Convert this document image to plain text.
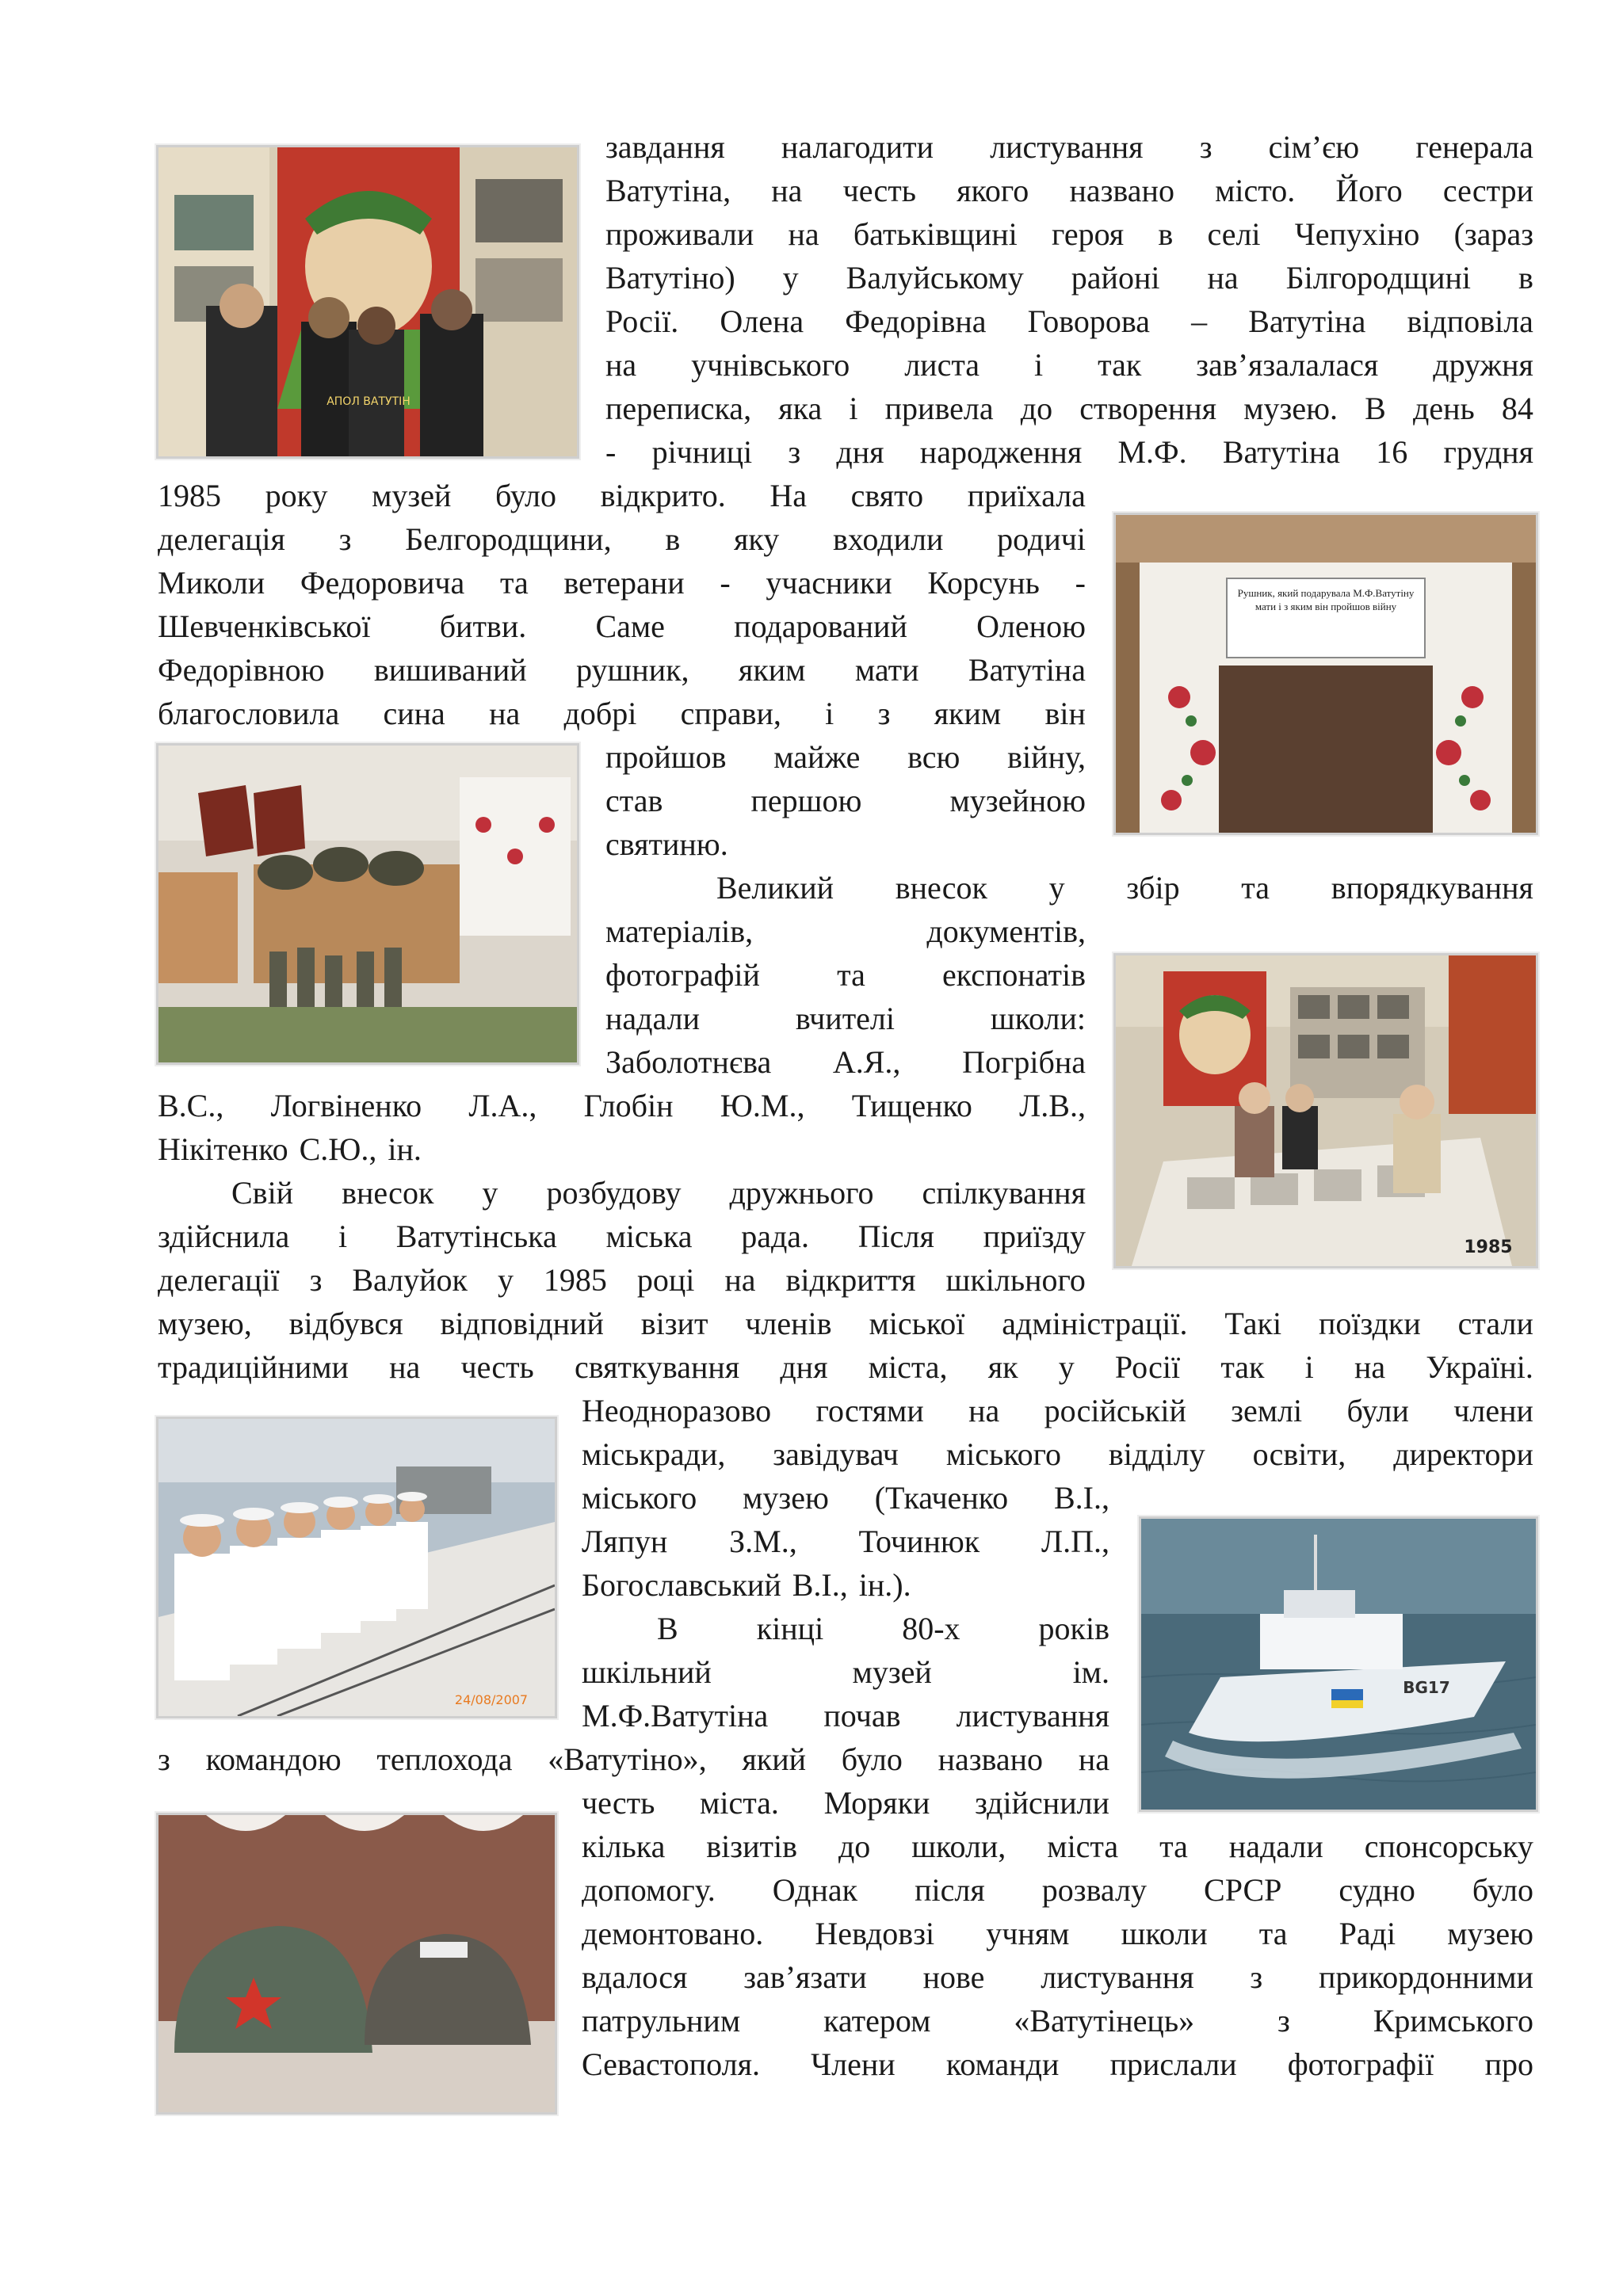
АПОЛ ВАТУТІН
Рушник, який подарувала М.Ф.Ватутіну мати і з яким він пройшов війну
1985
24/08/2007
BG17
завдання налагодити листування з сім’єю генерала
Ватутіна, на честь якого названо місто. Його сестри
проживали на батьківщині героя в селі Чепухіно (зараз
Ватутіно) у Валуйському районі на Білгородщині в
Росії. Олена Федорівна Говорова – Ватутіна відповіла
на учнівського листа і так зав’язалалася дружня
переписка, яка і привела до створення музею. В день 84
- річниці з дня народження М.Ф. Ватутіна 16 грудня
1985 року музей було відкрито. На свято приїхала
делегація з Белгородщини, в яку входили родичі
Миколи Федоровича та ветерани - учасники Корсунь -
Шевченківської битви. Саме подарований Оленою
Федорівною вишиваний рушник, яким мати Ватутіна
благословила сина на добрі справи, і з яким він
пройшов майже всю війну,
став	першою	музейною
святиню.
Великий внесок у збір та впорядкування
матеріалів,	документів,
фотографій та експонатів
надали	вчителі	школи:
Заболотнєва А.Я., Погрібна
В.С., Логвіненко Л.А., Глобін Ю.М., Тищенко Л.В.,
Нікітенко С.Ю., ін.
Свій внесок у розбудову дружнього спілкування
здійснила і Ватутінська міська рада. Після приїзду
делегації з Валуйок у 1985 році на відкриття шкільного
музею, відбувся відповідний візит членів міської адміністрації. Такі поїздки стали
традиційними на честь святкування дня міста, як у Росії так і на Україні.
Неодноразово гостями на російській землі були члени
міськради, завідувач міського відділу освіти, директори
міського музею (Ткаченко В.І.,
Ляпун З.М., Точинюк Л.П.,
Богославський В.І., ін.).
В кінці 80-х років
шкільний	музей	ім.
М.Ф.Ватутіна почав листування
з командою теплохода «Ватутіно», який було названо на
честь міста. Моряки здійснили
кілька візитів до школи, міста та надали спонсорську
допомогу. Однак після розвалу СРСР судно було
демонтовано. Невдовзі учням школи та Раді музею
вдалося зав’язати нове листування з прикордонними
патрульним	катером	«Ватутінець»	з	Кримського
Севастополя. Члени команди прислали фотографії про
